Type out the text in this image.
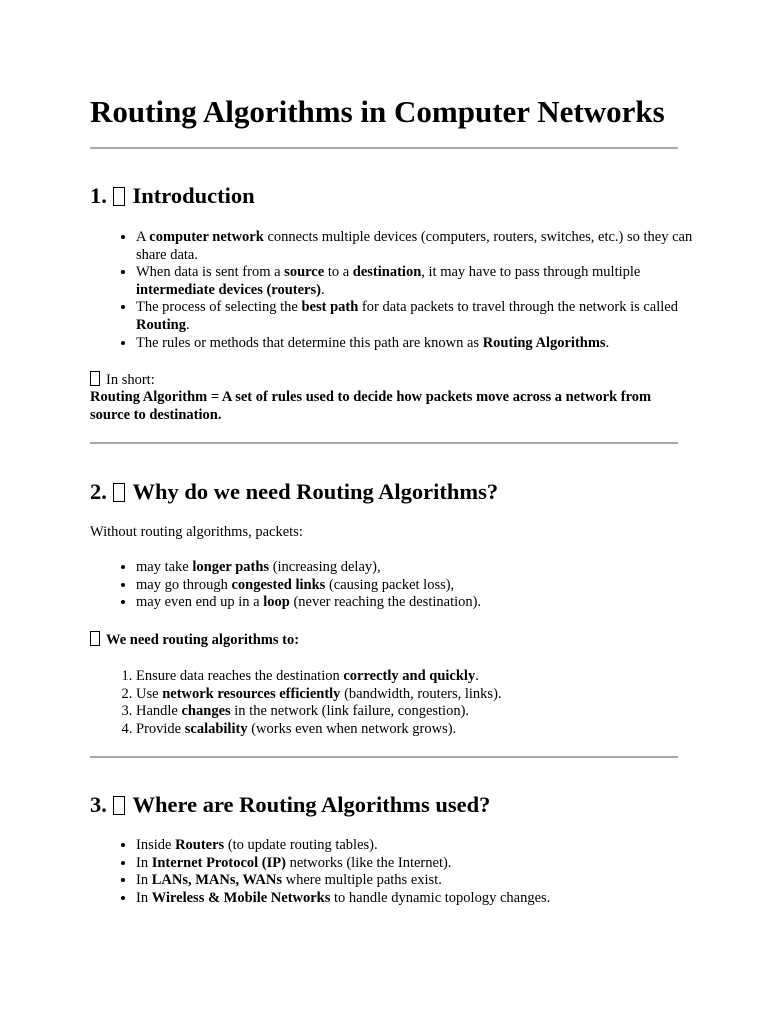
Routing Algorithms in Computer Networks
1. Introduction
• A computer network connects multiple devices (computers, routers, switches, etc.) so they can share data.
• When data is sent from a source to a destination, it may have to pass through multiple intermediate devices (routers).
• The process of selecting the best path for data packets to travel through the network is called Routing.
• The rules or methods that determine this path are known as Routing Algorithms.
In short:
Routing Algorithm = A set of rules used to decide how packets move across a network from source to destination.
2. Why do we need Routing Algorithms?
Without routing algorithms, packets:
• may take longer paths (increasing delay),
• may go through congested links (causing packet loss),
• may even end up in a loop (never reaching the destination).
We need routing algorithms to:
1. Ensure data reaches the destination correctly and quickly.
2. Use network resources efficiently (bandwidth, routers, links).
3. Handle changes in the network (link failure, congestion).
4. Provide scalability (works even when network grows).
3. Where are Routing Algorithms used?
• Inside Routers (to update routing tables).
• In Internet Protocol (IP) networks (like the Internet).
• In LANs, MANs, WANs where multiple paths exist.
• In Wireless & Mobile Networks to handle dynamic topology changes.
